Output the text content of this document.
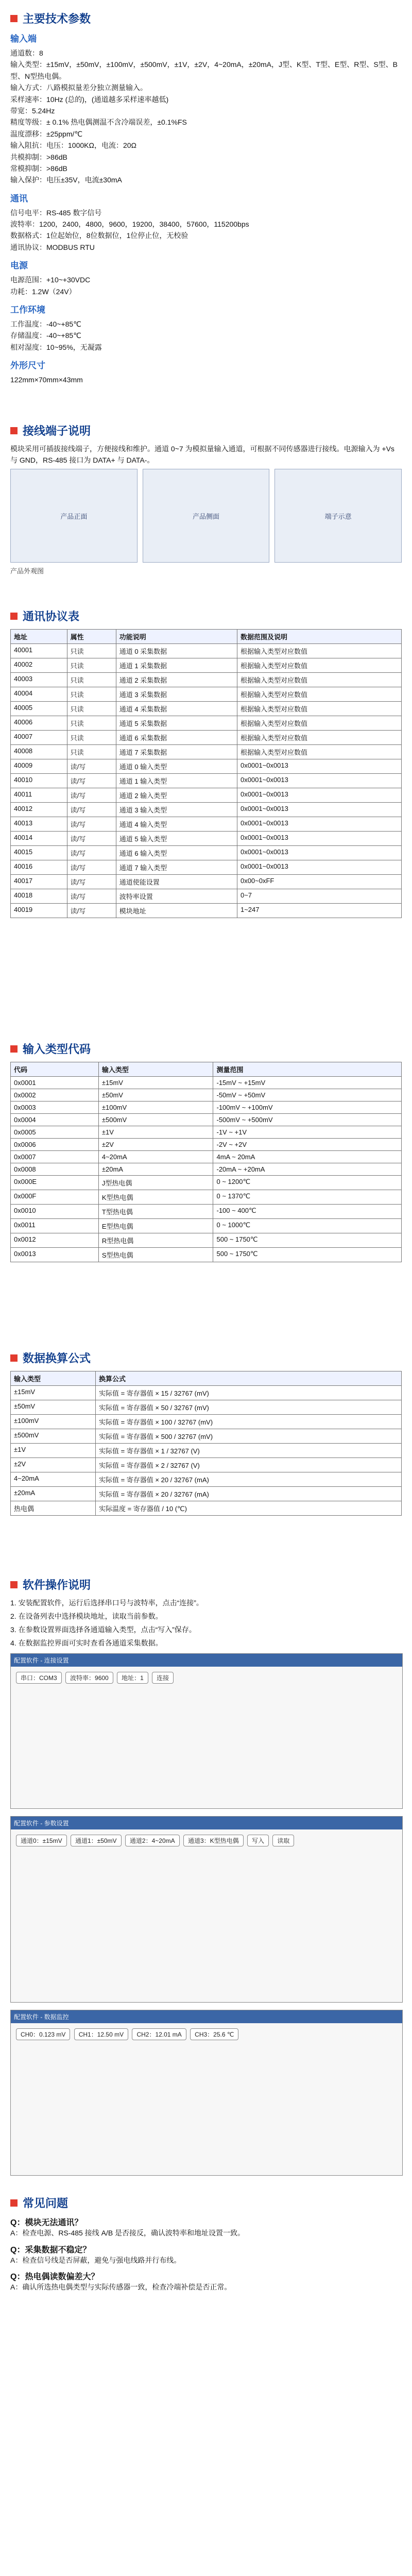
主要技术参数
输入端

通道数：8

输入类型：±15mV，±50mV，±100mV，±500mV，±1V，±2V，4~20mA，±20mA，J型、K型、T型、E型、R型、S型、B型、N型热电偶。

输入方式：八路模拟量差分独立测量输入。

采样速率：10Hz (总的)，(通道越多采样速率越低)

带宽：5.24Hz

精度等级：± 0.1% 热电偶测温不含冷端误差，±0.1%FS

温度漂移：±25ppm/℃

输入阻抗：电压：1000KΩ，电流：20Ω

共模抑制：>86dB

常模抑制：>86dB

输入保护：电压±35V，电流±30mA

通讯

信号电平：RS-485 数字信号

波特率：1200，2400，4800，9600，19200，38400，57600，115200bps

数据格式：1位起始位，8位数据位，1位停止位，无校验

通讯协议：MODBUS RTU

电源

电源范围：+10~+30VDC

功耗：1.2W（24V）

工作环境

工作温度：-40~+85℃

存储温度：-40~+85℃

相对湿度：10~95%，无凝露

外形尺寸

122mm×70mm×43mm

接线端子说明

模块采用可插拔接线端子，方便接线和维护。通道 0~7 为模拟量输入通道，可根据不同传感器进行接线。电源输入为 +Vs 与 GND，RS-485 接口为 DATA+ 与 DATA-。

产品正面	产品侧面	端子示意
产品外观图
通讯协议表
地址	属性	功能说明	数据范围及说明
40001	只读	通道 0 采集数据	根据输入类型对应数值
40002	只读	通道 1 采集数据	根据输入类型对应数值
40003	只读	通道 2 采集数据	根据输入类型对应数值
40004	只读	通道 3 采集数据	根据输入类型对应数值
40005	只读	通道 4 采集数据	根据输入类型对应数值
40006	只读	通道 5 采集数据	根据输入类型对应数值
40007	只读	通道 6 采集数据	根据输入类型对应数值
40008	只读	通道 7 采集数据	根据输入类型对应数值
40009	读/写	通道 0 输入类型	0x0001~0x0013
40010	读/写	通道 1 输入类型	0x0001~0x0013
40011	读/写	通道 2 输入类型	0x0001~0x0013
40012	读/写	通道 3 输入类型	0x0001~0x0013
40013	读/写	通道 4 输入类型	0x0001~0x0013
40014	读/写	通道 5 输入类型	0x0001~0x0013
40015	读/写	通道 6 输入类型	0x0001~0x0013
40016	读/写	通道 7 输入类型	0x0001~0x0013
40017	读/写	通道使能设置	0x00~0xFF
40018	读/写	波特率设置	0~7
40019	读/写	模块地址	1~247
输入类型代码
代码	输入类型	测量范围
0x0001	±15mV	-15mV ~ +15mV
0x0002	±50mV	-50mV ~ +50mV
0x0003	±100mV	-100mV ~ +100mV
0x0004	±500mV	-500mV ~ +500mV
0x0005	±1V	-1V ~ +1V
0x0006	±2V	-2V ~ +2V
0x0007	4~20mA	4mA ~ 20mA
0x0008	±20mA	-20mA ~ +20mA
0x000E	J型热电偶	0 ~ 1200℃
0x000F	K型热电偶	0 ~ 1370℃
0x0010	T型热电偶	-100 ~ 400℃
0x0011	E型热电偶	0 ~ 1000℃
0x0012	R型热电偶	500 ~ 1750℃
0x0013	S型热电偶	500 ~ 1750℃
数据换算公式
输入类型	换算公式
±15mV	实际值 = 寄存器值 × 15 / 32767 (mV)
±50mV	实际值 = 寄存器值 × 50 / 32767 (mV)
±100mV	实际值 = 寄存器值 × 100 / 32767 (mV)
±500mV	实际值 = 寄存器值 × 500 / 32767 (mV)
±1V	实际值 = 寄存器值 × 1 / 32767 (V)
±2V	实际值 = 寄存器值 × 2 / 32767 (V)
4~20mA	实际值 = 寄存器值 × 20 / 32767 (mA)
±20mA	实际值 = 寄存器值 × 20 / 32767 (mA)
热电偶	实际温度 = 寄存器值 / 10 (℃)
软件操作说明
1. 安装配置软件，运行后选择串口号与波特率，点击“连接”。
2. 在设备列表中选择模块地址，读取当前参数。
3. 在参数设置界面选择各通道输入类型，点击“写入”保存。
4. 在数据监控界面可实时查看各通道采集数据。
配置软件 - 连接设置
串口：COM3 波特率：9600 地址：1 连接
配置软件 - 参数设置
通道0：±15mV 通道1：±50mV 通道2：4~20mA 通道3：K型热电偶 写入 读取
配置软件 - 数据监控
CH0：0.123 mV CH1：12.50 mV CH2：12.01 mA CH3：25.6 ℃
常见问题
Q：模块无法通讯？
A：检查电源、RS-485 接线 A/B 是否接反，确认波特率和地址设置一致。
Q：采集数据不稳定？
A：检查信号线是否屏蔽，避免与强电线路并行布线。
Q：热电偶读数偏差大？
A：确认所选热电偶类型与实际传感器一致，检查冷端补偿是否正常。
